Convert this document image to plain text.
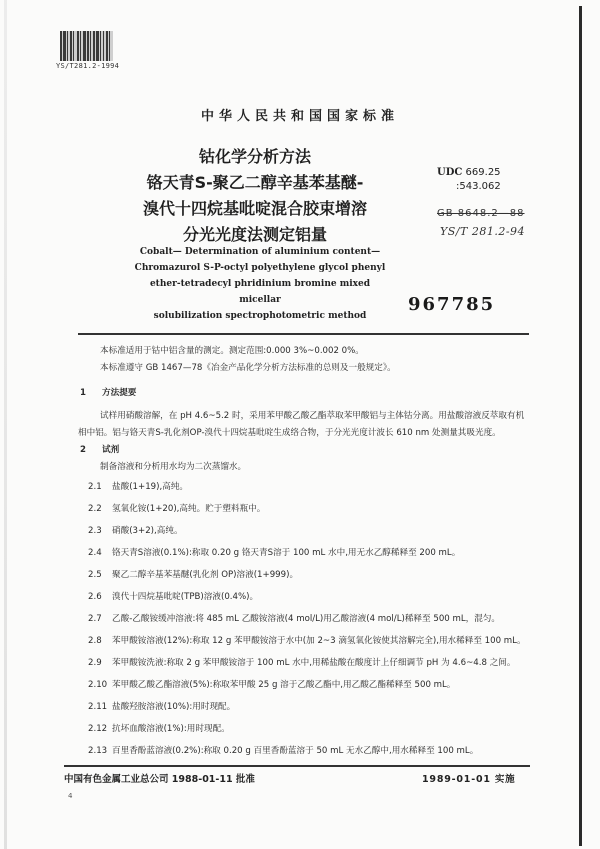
YS/T281.2-1994
中华人民共和国国家标准
钴化学分析方法
铬天青S-聚乙二醇辛基苯基醚-
溴代十四烷基吡啶混合胶束增溶
分光光度法测定铝量
Cobalt— Determination of aluminium content—
Chromazurol S-P-octyl polyethylene glycol phenyl
ether-tetradecyl phridinium bromine mixed micellar
solubilization spectrophotometric method
UDC 669.25
:543.062
GB 8648.2—88
YS/T 281.2-94
967785

本标准适用于钴中铝含量的测定。测定范围:0.000 3%~0.002 0%。

本标准遵守 GB 1467—78《冶金产品化学分析方法标准的总则及一般规定》。

1 方法提要

试样用硝酸溶解，在 pH 4.6~5.2 时，采用苯甲酸乙酸乙酯萃取苯甲酸铝与主体钴分离。用盐酸溶液反萃取有机相中铝。铝与铬天青S-乳化剂OP-溴代十四烷基吡啶生成络合物，于分光光度计波长 610 nm 处测量其吸光度。

2 试剂

制备溶液和分析用水均为二次蒸馏水。

2.1 盐酸(1+19),高纯。

2.2 氢氧化铵(1+20),高纯。贮于塑料瓶中。

2.3 硝酸(3+2),高纯。

2.4 铬天青S溶液(0.1%):称取 0.20 g 铬天青S溶于 100 mL 水中,用无水乙醇稀释至 200 mL。

2.5 聚乙二醇辛基苯基醚(乳化剂 OP)溶液(1+999)。

2.6 溴代十四烷基吡啶(TPB)溶液(0.4%)。

2.7 乙酸-乙酸铵缓冲溶液:将 485 mL 乙酸铵溶液(4 mol/L)用乙酸溶液(4 mol/L)稀释至 500 mL，混匀。

2.8 苯甲酸铵溶液(12%):称取 12 g 苯甲酸铵溶于水中(加 2~3 滴氢氧化铵使其溶解完全),用水稀释至 100 mL。

2.9 苯甲酸铵洗液:称取 2 g 苯甲酸铵溶于 100 mL 水中,用稀盐酸在酸度计上仔细调节 pH 为 4.6~4.8 之间。

2.10 苯甲酸乙酸乙酯溶液(5%):称取苯甲酸 25 g 溶于乙酸乙酯中,用乙酸乙酯稀释至 500 mL。

2.11 盐酸羟胺溶液(10%):用时现配。

2.12 抗坏血酸溶液(1%):用时现配。

2.13 百里香酚蓝溶液(0.2%):称取 0.20 g 百里香酚蓝溶于 50 mL 无水乙醇中,用水稀释至 100 mL。

中国有色金属工业总公司 1988-01-11 批准	1989-01-01 实施
4
